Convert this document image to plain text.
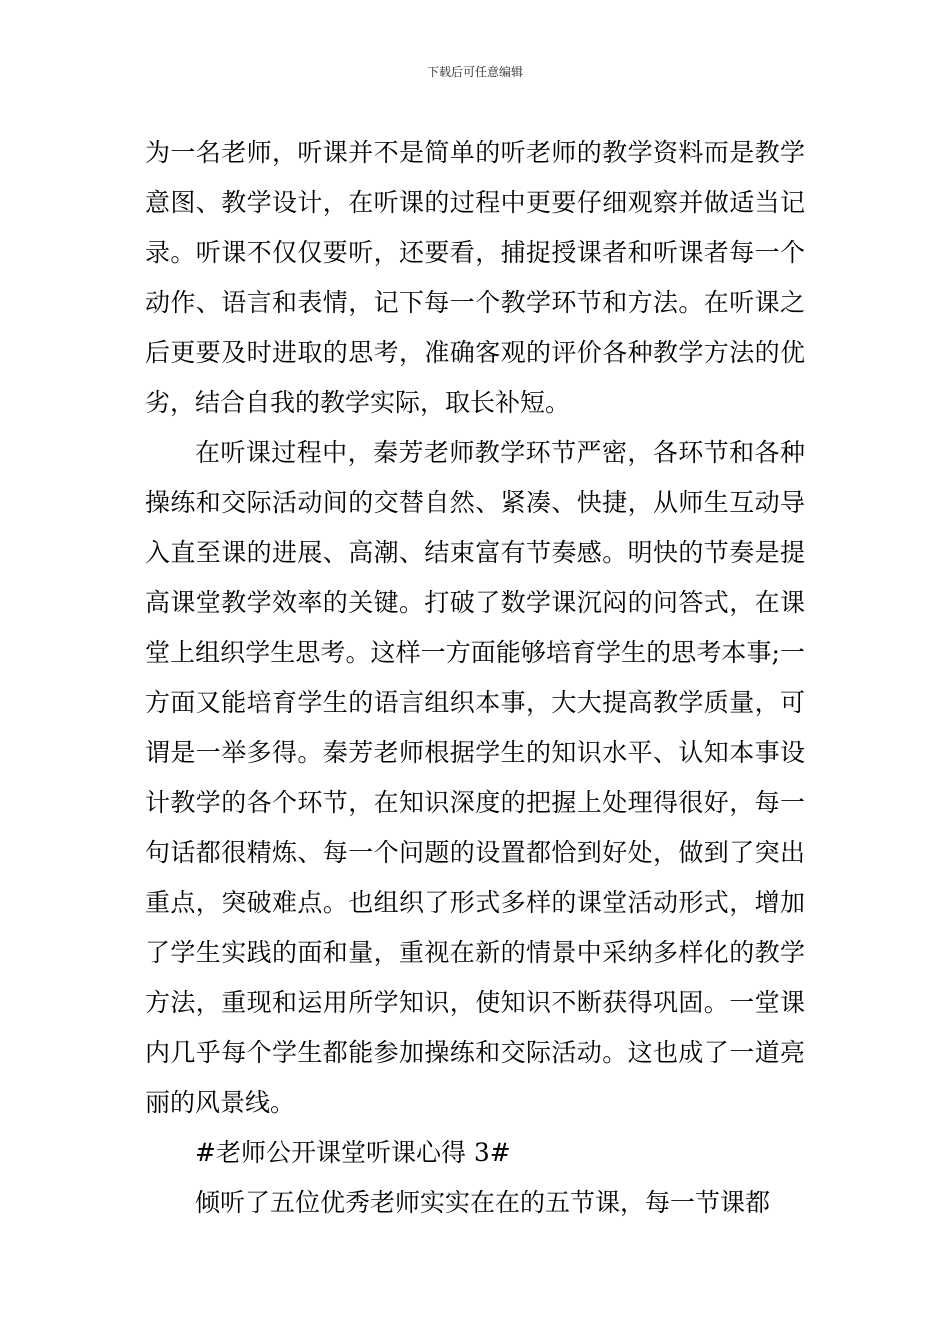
下载后可任意编辑

为一名老师，听课并不是简单的听老师的教学资料而是教学意图、教学设计，在听课的过程中更要仔细观察并做适当记录。听课不仅仅要听，还要看，捕捉授课者和听课者每一个动作、语言和表情，记下每一个教学环节和方法。在听课之后更要及时进取的思考，准确客观的评价各种教学方法的优劣，结合自我的教学实际，取长补短。

在听课过程中，秦芳老师教学环节严密，各环节和各种操练和交际活动间的交替自然、紧凑、快捷，从师生互动导入直至课的进展、高潮、结束富有节奏感。明快的节奏是提高课堂教学效率的关键。打破了数学课沉闷的问答式，在课堂上组织学生思考。这样一方面能够培育学生的思考本事;一方面又能培育学生的语言组织本事，大大提高教学质量，可谓是一举多得。秦芳老师根据学生的知识水平、认知本事设计教学的各个环节，在知识深度的把握上处理得很好，每一句话都很精炼、每一个问题的设置都恰到好处，做到了突出重点，突破难点。也组织了形式多样的课堂活动形式，增加了学生实践的面和量，重视在新的情景中采纳多样化的教学方法，重现和运用所学知识，使知识不断获得巩固。一堂课内几乎每个学生都能参加操练和交际活动。这也成了一道亮丽的风景线。

#老师公开课堂听课心得 3#

倾听了五位优秀老师实实在在的五节课，每一节课都
